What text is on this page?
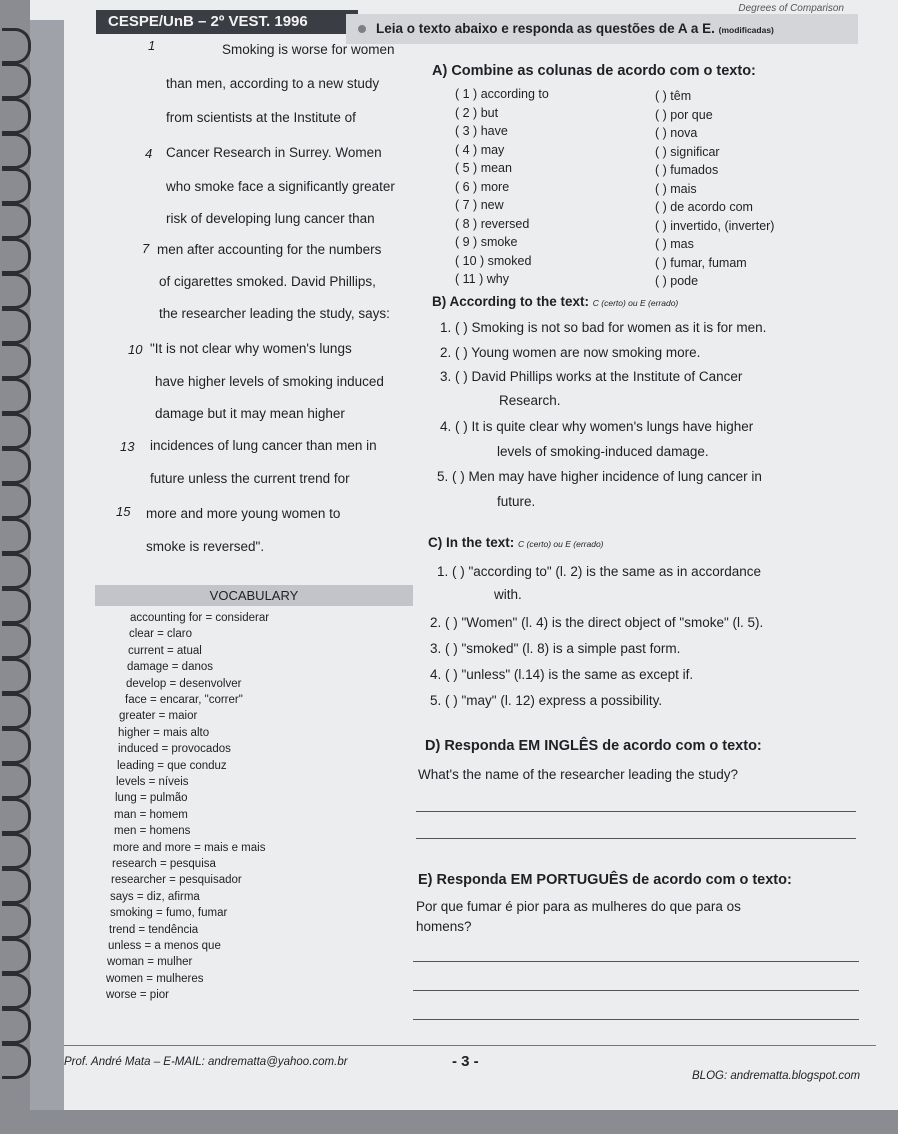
Degrees of Comparison
CESPE/UnB – 2º VEST. 1996	Leia o texto abaixo e responda as questões de A a E. (modificadas)
1	Smoking is worse for women
than men, according to a new study
from scientists at the Institute of
4 Cancer Research in Surrey. Women
who smoke face a significantly greater
risk of developing lung cancer than
7 men after accounting for the numbers
of cigarettes smoked. David Phillips,
the researcher leading the study, says:
10 "It is not clear why women's lungs
have higher levels of smoking induced
damage but it may mean higher
13 incidences of lung cancer than men in
future unless the current trend for
15 more and more young women to
smoke is reversed".
VOCABULARY
accounting for = considerar
clear = claro
current = atual
damage = danos
develop = desenvolver
face = encarar, "correr"
greater = maior
higher = mais alto
induced = provocados
leading = que conduz
levels = níveis
lung = pulmão
man = homem
men = homens
more and more = mais e mais
research = pesquisa
researcher = pesquisador
says = diz, afirma
smoking = fumo, fumar
trend = tendência
unless = a menos que
woman = mulher
women = mulheres
worse = pior
A) Combine as colunas de acordo com o texto:
( 1 ) according to	( ) têm
( 2 ) but	( ) por que
( 3 ) have	( ) nova
( 4 ) may	( ) significar
( 5 ) mean	( ) fumados
( 6 ) more	( ) mais
( 7 ) new	( ) de acordo com
( 8 ) reversed	( ) invertido, (inverter)
( 9 ) smoke	( ) mas
( 10 ) smoked	( ) fumar, fumam
( 11 ) why	( ) pode
B) According to the text: C (certo) ou E (errado)
1. ( ) Smoking is not so bad for women as it is for men.
2. ( ) Young women are now smoking more.
3. ( ) David Phillips works at the Institute of Cancer
Research.
4. ( ) It is quite clear why women's lungs have higher
levels of smoking-induced damage.
5. ( ) Men may have higher incidence of lung cancer in
future.
C) In the text: C (certo) ou E (errado)
1. ( ) "according to" (l. 2) is the same as in accordance
with.
2. ( ) "Women" (l. 4) is the direct object of "smoke" (l. 5).
3. ( ) "smoked" (l. 8) is a simple past form.
4. ( ) "unless" (l.14) is the same as except if.
5. ( ) "may" (l. 12) express a possibility.
D) Responda EM INGLÊS de acordo com o texto:
What's the name of the researcher leading the study?
E) Responda EM PORTUGUÊS de acordo com o texto:
Por que fumar é pior para as mulheres do que para os
homens?
Prof. André Mata – E-MAIL: andrematta@yahoo.com.br	- 3 -
BLOG: andrematta.blogspot.com
